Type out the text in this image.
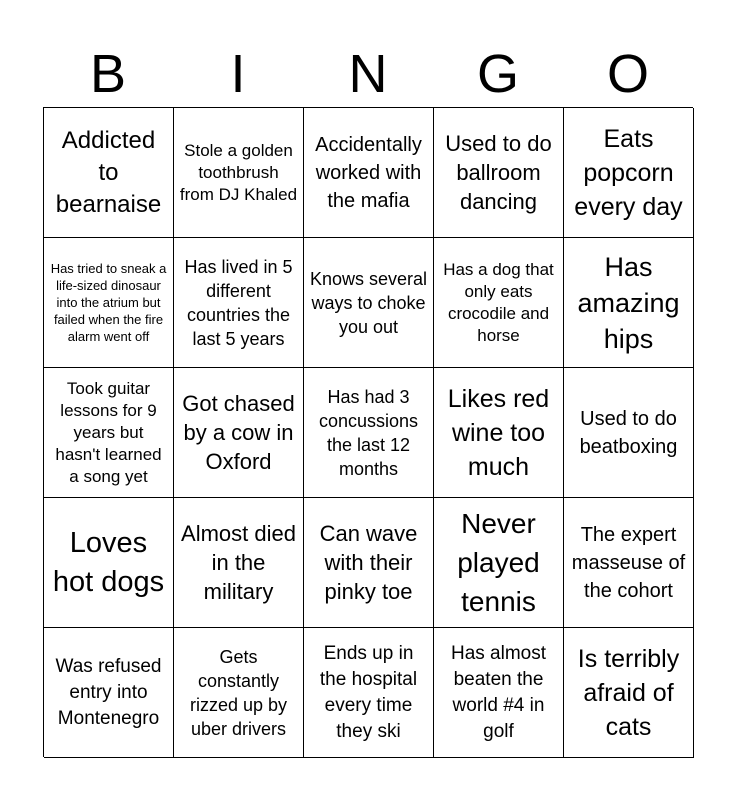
B	I	N	G	O
Addicted to bearnaise
Stole a golden toothbrush from DJ Khaled
Accidentally worked with the mafia
Used to do ballroom dancing
Eats popcorn every day
Has tried to sneak a life-sized dinosaur into the atrium but failed when the fire alarm went off
Has lived in 5 different countries the last 5 years
Knows several ways to choke you out
Has a dog that only eats crocodile and horse
Has amazing hips
Took guitar lessons for 9 years but hasn't learned a song yet
Got chased by a cow in Oxford
Has had 3 concussions the last 12 months
Likes red wine too much
Used to do beatboxing
Loves hot dogs
Almost died in the military
Can wave with their pinky toe
Never played tennis
The expert masseuse of the cohort
Was refused entry into Montenegro
Gets constantly rizzed up by uber drivers
Ends up in the hospital every time they ski
Has almost beaten the world #4 in golf
Is terribly afraid of cats
